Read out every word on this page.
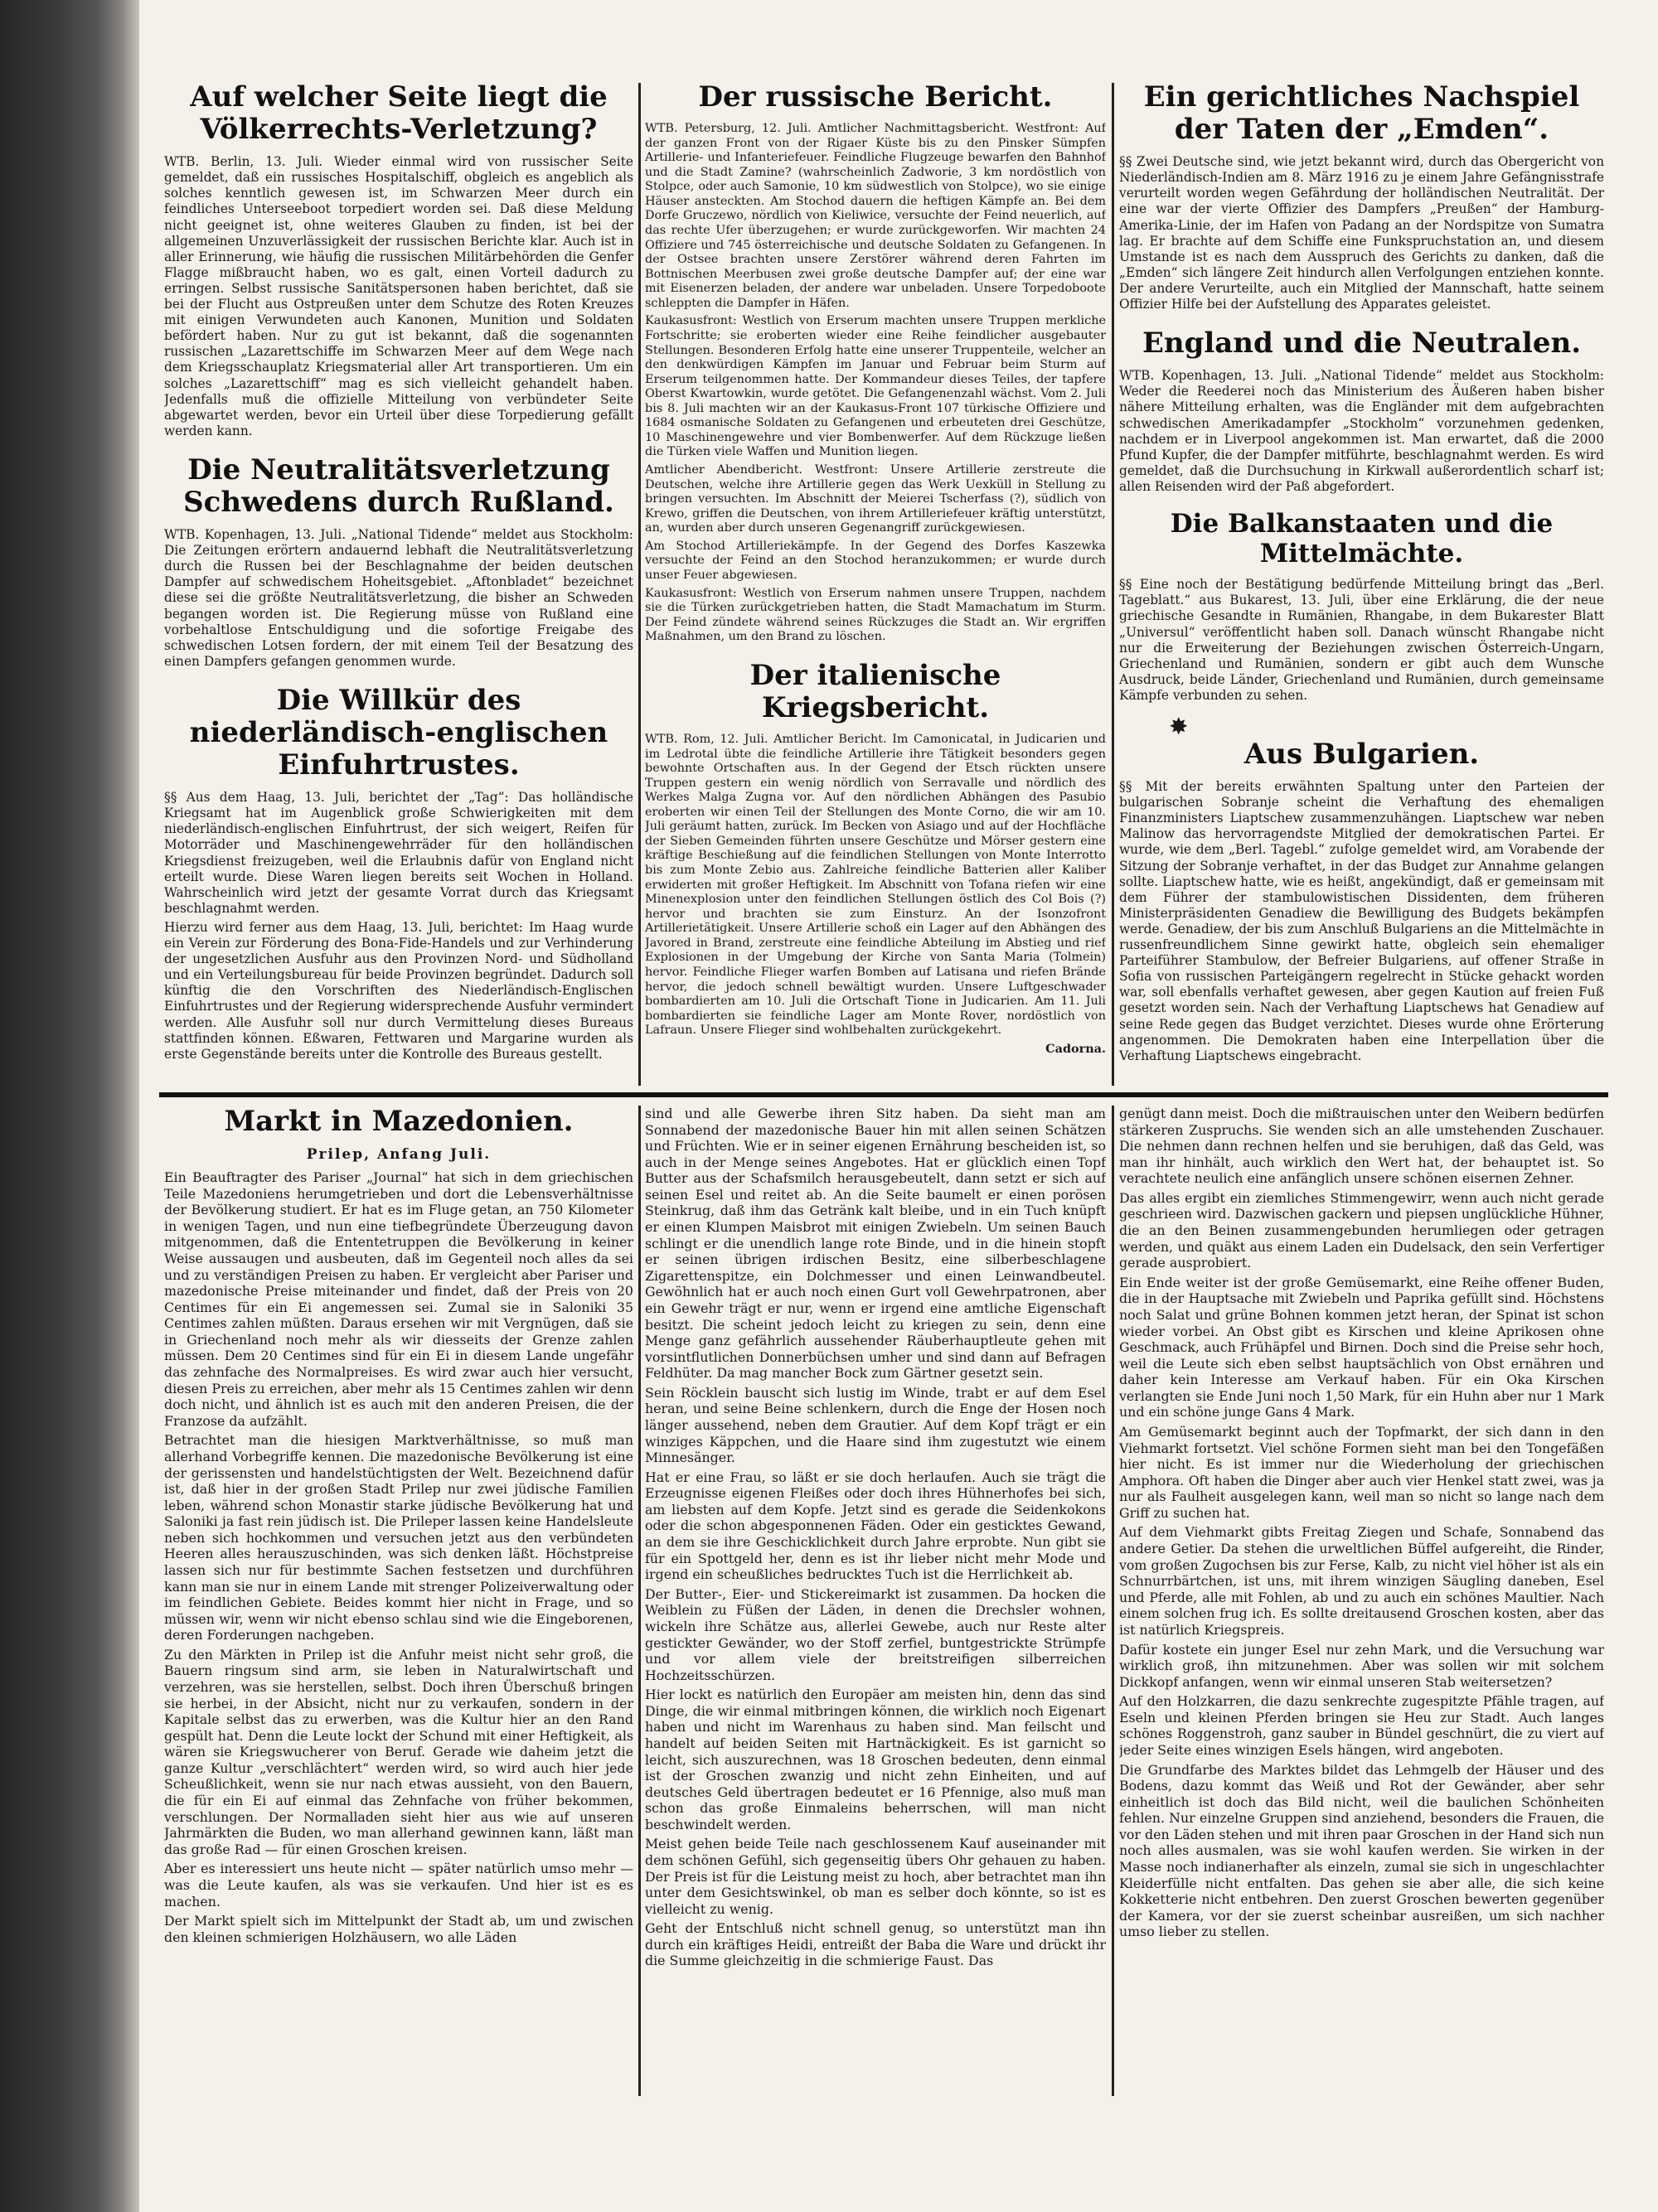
Auf welcher Seite liegt die Völkerrechts-Verletzung?

WTB. Berlin, 13. Juli. Wieder einmal wird von russischer Seite gemeldet, daß ein russisches Hospitalschiff, obgleich es angeblich als solches kenntlich gewesen ist, im Schwarzen Meer durch ein feindliches Unterseeboot torpediert worden sei. Daß diese Meldung nicht geeignet ist, ohne weiteres Glauben zu finden, ist bei der allgemeinen Unzuverlässigkeit der russischen Berichte klar. Auch ist in aller Erinnerung, wie häufig die russischen Militärbehörden die Genfer Flagge mißbraucht haben, wo es galt, einen Vorteil dadurch zu erringen. Selbst russische Sanitätspersonen haben berichtet, daß sie bei der Flucht aus Ostpreußen unter dem Schutze des Roten Kreuzes mit einigen Verwundeten auch Kanonen, Munition und Soldaten befördert haben. Nur zu gut ist bekannt, daß die sogenannten russischen „Lazarettschiffe im Schwarzen Meer auf dem Wege nach dem Kriegsschauplatz Kriegsmaterial aller Art transportieren. Um ein solches „Lazarettschiff“ mag es sich vielleicht gehandelt haben. Jedenfalls muß die offizielle Mitteilung von verbündeter Seite abgewartet werden, bevor ein Urteil über diese Torpedierung gefällt werden kann.

Die Neutralitätsverletzung Schwedens durch Rußland.

WTB. Kopenhagen, 13. Juli. „National Tidende“ meldet aus Stockholm: Die Zeitungen erörtern andauernd lebhaft die Neutralitätsverletzung durch die Russen bei der Beschlagnahme der beiden deutschen Dampfer auf schwedischem Hoheitsgebiet. „Aftonbladet“ bezeichnet diese sei die größte Neutralitätsverletzung, die bisher an Schweden begangen worden ist. Die Regierung müsse von Rußland eine vorbehaltlose Entschuldigung und die sofortige Freigabe des schwedischen Lotsen fordern, der mit einem Teil der Besatzung des einen Dampfers gefangen genommen wurde.

Die Willkür des niederländisch-englischen Einfuhrtrustes.

§§ Aus dem Haag, 13. Juli, berichtet der „Tag“: Das holländische Kriegsamt hat im Augenblick große Schwierigkeiten mit dem niederländisch-englischen Einfuhrtrust, der sich weigert, Reifen für Motorräder und Maschinengewehrräder für den holländischen Kriegsdienst freizugeben, weil die Erlaubnis dafür von England nicht erteilt wurde. Diese Waren liegen bereits seit Wochen in Holland. Wahrscheinlich wird jetzt der gesamte Vorrat durch das Kriegsamt beschlagnahmt werden.

Hierzu wird ferner aus dem Haag, 13. Juli, berichtet: Im Haag wurde ein Verein zur Förderung des Bona-Fide-Handels und zur Verhinderung der ungesetzlichen Ausfuhr aus den Provinzen Nord- und Südholland und ein Verteilungsbureau für beide Provinzen begründet. Dadurch soll künftig die den Vorschriften des Niederländisch-Englischen Einfuhrtrustes und der Regierung widersprechende Ausfuhr vermindert werden. Alle Ausfuhr soll nur durch Vermittelung dieses Bureaus stattfinden können. Eßwaren, Fettwaren und Margarine wurden als erste Gegenstände bereits unter die Kontrolle des Bureaus gestellt.

Der russische Bericht.

WTB. Petersburg, 12. Juli. Amtlicher Nachmittagsbericht. Westfront: Auf der ganzen Front von der Rigaer Küste bis zu den Pinsker Sümpfen Artillerie- und Infanteriefeuer. Feindliche Flugzeuge bewarfen den Bahnhof und die Stadt Zamine? (wahrscheinlich Zadworie, 3 km nordöstlich von Stolpce, oder auch Samonie, 10 km südwestlich von Stolpce), wo sie einige Häuser ansteckten. Am Stochod dauern die heftigen Kämpfe an. Bei dem Dorfe Gruczewo, nördlich von Kieliwice, versuchte der Feind neuerlich, auf das rechte Ufer überzugehen; er wurde zurückgeworfen. Wir machten 24 Offiziere und 745 österreichische und deutsche Soldaten zu Gefangenen. In der Ostsee brachten unsere Zerstörer während deren Fahrten im Bottnischen Meerbusen zwei große deutsche Dampfer auf; der eine war mit Eisenerzen beladen, der andere war unbeladen. Unsere Torpedoboote schleppten die Dampfer in Häfen.

Kaukasusfront: Westlich von Erserum machten unsere Truppen merkliche Fortschritte; sie eroberten wieder eine Reihe feindlicher ausgebauter Stellungen. Besonderen Erfolg hatte eine unserer Truppenteile, welcher an den denkwürdigen Kämpfen im Januar und Februar beim Sturm auf Erserum teilgenommen hatte. Der Kommandeur dieses Teiles, der tapfere Oberst Kwartowkin, wurde getötet. Die Gefangenenzahl wächst. Vom 2. Juli bis 8. Juli machten wir an der Kaukasus-Front 107 türkische Offiziere und 1684 osmanische Soldaten zu Gefangenen und erbeuteten drei Geschütze, 10 Maschinengewehre und vier Bombenwerfer. Auf dem Rückzuge ließen die Türken viele Waffen und Munition liegen.

Amtlicher Abendbericht. Westfront: Unsere Artillerie zerstreute die Deutschen, welche ihre Artillerie gegen das Werk Uexküll in Stellung zu bringen versuchten. Im Abschnitt der Meierei Tscherfass (?), südlich von Krewo, griffen die Deutschen, von ihrem Artilleriefeuer kräftig unterstützt, an, wurden aber durch unseren Gegenangriff zurückgewiesen.

Am Stochod Artilleriekämpfe. In der Gegend des Dorfes Kaszewka versuchte der Feind an den Stochod heranzukommen; er wurde durch unser Feuer abgewiesen.

Kaukasusfront: Westlich von Erserum nahmen unsere Truppen, nachdem sie die Türken zurückgetrieben hatten, die Stadt Mamachatum im Sturm. Der Feind zündete während seines Rückzuges die Stadt an. Wir ergriffen Maßnahmen, um den Brand zu löschen.

Der italienische Kriegsbericht.

WTB. Rom, 12. Juli. Amtlicher Bericht. Im Camonicatal, in Judicarien und im Ledrotal übte die feindliche Artillerie ihre Tätigkeit besonders gegen bewohnte Ortschaften aus. In der Gegend der Etsch rückten unsere Truppen gestern ein wenig nördlich von Serravalle und nördlich des Werkes Malga Zugna vor. Auf den nördlichen Abhängen des Pasubio eroberten wir einen Teil der Stellungen des Monte Corno, die wir am 10. Juli geräumt hatten, zurück. Im Becken von Asiago und auf der Hochfläche der Sieben Gemeinden führten unsere Geschütze und Mörser gestern eine kräftige Beschießung auf die feindlichen Stellungen von Monte Interrotto bis zum Monte Zebio aus. Zahlreiche feindliche Batterien aller Kaliber erwiderten mit großer Heftigkeit. Im Abschnitt von Tofana riefen wir eine Minenexplosion unter den feindlichen Stellungen östlich des Col Bois (?) hervor und brachten sie zum Einsturz. An der Isonzofront Artillerietätigkeit. Unsere Artillerie schoß ein Lager auf den Abhängen des Javored in Brand, zerstreute eine feindliche Abteilung im Abstieg und rief Explosionen in der Umgebung der Kirche von Santa Maria (Tolmein) hervor. Feindliche Flieger warfen Bomben auf Latisana und riefen Brände hervor, die jedoch schnell bewältigt wurden. Unsere Luftgeschwader bombardierten am 10. Juli die Ortschaft Tione in Judicarien. Am 11. Juli bombardierten sie feindliche Lager am Monte Rover, nordöstlich von Lafraun. Unsere Flieger sind wohlbehalten zurückgekehrt.

Cadorna.

Ein gerichtliches Nachspiel der Taten der „Emden“.

§§ Zwei Deutsche sind, wie jetzt bekannt wird, durch das Obergericht von Niederländisch-Indien am 8. März 1916 zu je einem Jahre Gefängnisstrafe verurteilt worden wegen Gefährdung der holländischen Neutralität. Der eine war der vierte Offizier des Dampfers „Preußen“ der Hamburg-Amerika-Linie, der im Hafen von Padang an der Nordspitze von Sumatra lag. Er brachte auf dem Schiffe eine Funkspruchstation an, und diesem Umstande ist es nach dem Ausspruch des Gerichts zu danken, daß die „Emden“ sich längere Zeit hindurch allen Verfolgungen entziehen konnte. Der andere Verurteilte, auch ein Mitglied der Mannschaft, hatte seinem Offizier Hilfe bei der Aufstellung des Apparates geleistet.

England und die Neutralen.

WTB. Kopenhagen, 13. Juli. „National Tidende“ meldet aus Stockholm: Weder die Reederei noch das Ministerium des Äußeren haben bisher nähere Mitteilung erhalten, was die Engländer mit dem aufgebrachten schwedischen Amerikadampfer „Stockholm“ vorzunehmen gedenken, nachdem er in Liverpool angekommen ist. Man erwartet, daß die 2000 Pfund Kupfer, die der Dampfer mitführte, beschlagnahmt werden. Es wird gemeldet, daß die Durchsuchung in Kirkwall außerordentlich scharf ist; allen Reisenden wird der Paß abgefordert.

Die Balkanstaaten und die Mittelmächte.

§§ Eine noch der Bestätigung bedürfende Mitteilung bringt das „Berl. Tageblatt.“ aus Bukarest, 13. Juli, über eine Erklärung, die der neue griechische Gesandte in Rumänien, Rhangabe, in dem Bukarester Blatt „Universul“ veröffentlicht haben soll. Danach wünscht Rhangabe nicht nur die Erweiterung der Beziehungen zwischen Österreich-Ungarn, Griechenland und Rumänien, sondern er gibt auch dem Wunsche Ausdruck, beide Länder, Griechenland und Rumänien, durch gemeinsame Kämpfe verbunden zu sehen.

✸
Aus Bulgarien.

§§ Mit der bereits erwähnten Spaltung unter den Parteien der bulgarischen Sobranje scheint die Verhaftung des ehemaligen Finanzministers Liaptschew zusammenzuhängen. Liaptschew war neben Malinow das hervorragendste Mitglied der demokratischen Partei. Er wurde, wie dem „Berl. Tagebl.“ zufolge gemeldet wird, am Vorabende der Sitzung der Sobranje verhaftet, in der das Budget zur Annahme gelangen sollte. Liaptschew hatte, wie es heißt, angekündigt, daß er gemeinsam mit dem Führer der stambulowistischen Dissidenten, dem früheren Ministerpräsidenten Genadiew die Bewilligung des Budgets bekämpfen werde. Genadiew, der bis zum Anschluß Bulgariens an die Mittelmächte in russenfreundlichem Sinne gewirkt hatte, obgleich sein ehemaliger Parteiführer Stambulow, der Befreier Bulgariens, auf offener Straße in Sofia von russischen Parteigängern regelrecht in Stücke gehackt worden war, soll ebenfalls verhaftet gewesen, aber gegen Kaution auf freien Fuß gesetzt worden sein. Nach der Verhaftung Liaptschews hat Genadiew auf seine Rede gegen das Budget verzichtet. Dieses wurde ohne Erörterung angenommen. Die Demokraten haben eine Interpellation über die Verhaftung Liaptschews eingebracht.

Markt in Mazedonien.
Prilep, Anfang Juli.

Ein Beauftragter des Pariser „Journal“ hat sich in dem griechischen Teile Mazedoniens herumgetrieben und dort die Lebensverhältnisse der Bevölkerung studiert. Er hat es im Fluge getan, an 750 Kilometer in wenigen Tagen, und nun eine tiefbegründete Überzeugung davon mitgenommen, daß die Ententetruppen die Bevölkerung in keiner Weise aussaugen und ausbeuten, daß im Gegenteil noch alles da sei und zu verständigen Preisen zu haben. Er vergleicht aber Pariser und mazedonische Preise miteinander und findet, daß der Preis von 20 Centimes für ein Ei angemessen sei. Zumal sie in Saloniki 35 Centimes zahlen müßten. Daraus ersehen wir mit Vergnügen, daß sie in Griechenland noch mehr als wir diesseits der Grenze zahlen müssen. Dem 20 Centimes sind für ein Ei in diesem Lande ungefähr das zehnfache des Normalpreises. Es wird zwar auch hier versucht, diesen Preis zu erreichen, aber mehr als 15 Centimes zahlen wir denn doch nicht, und ähnlich ist es auch mit den anderen Preisen, die der Franzose da aufzählt.

Betrachtet man die hiesigen Marktverhältnisse, so muß man allerhand Vorbegriffe kennen. Die mazedonische Bevölkerung ist eine der gerissensten und handelstüchtigsten der Welt. Bezeichnend dafür ist, daß hier in der großen Stadt Prilep nur zwei jüdische Familien leben, während schon Monastir starke jüdische Bevölkerung hat und Saloniki ja fast rein jüdisch ist. Die Prileper lassen keine Handelsleute neben sich hochkommen und versuchen jetzt aus den verbündeten Heeren alles herauszuschinden, was sich denken läßt. Höchstpreise lassen sich nur für bestimmte Sachen festsetzen und durchführen kann man sie nur in einem Lande mit strenger Polizeiverwaltung oder im feindlichen Gebiete. Beides kommt hier nicht in Frage, und so müssen wir, wenn wir nicht ebenso schlau sind wie die Eingeborenen, deren Forderungen nachgeben.

Zu den Märkten in Prilep ist die Anfuhr meist nicht sehr groß, die Bauern ringsum sind arm, sie leben in Naturalwirtschaft und verzehren, was sie herstellen, selbst. Doch ihren Überschuß bringen sie herbei, in der Absicht, nicht nur zu verkaufen, sondern in der Kapitale selbst das zu erwerben, was die Kultur hier an den Rand gespült hat. Denn die Leute lockt der Schund mit einer Heftigkeit, als wären sie Kriegswucherer von Beruf. Gerade wie daheim jetzt die ganze Kultur „verschlächtert“ werden wird, so wird auch hier jede Scheußlichkeit, wenn sie nur nach etwas aussieht, von den Bauern, die für ein Ei auf einmal das Zehnfache von früher bekommen, verschlungen. Der Normalladen sieht hier aus wie auf unseren Jahrmärkten die Buden, wo man allerhand gewinnen kann, läßt man das große Rad — für einen Groschen kreisen.

Aber es interessiert uns heute nicht — später natürlich umso mehr — was die Leute kaufen, als was sie verkaufen. Und hier ist es es machen.

Der Markt spielt sich im Mittelpunkt der Stadt ab, um und zwischen den kleinen schmierigen Holzhäusern, wo alle Läden

sind und alle Gewerbe ihren Sitz haben. Da sieht man am Sonnabend der mazedonische Bauer hin mit allen seinen Schätzen und Früchten. Wie er in seiner eigenen Ernährung bescheiden ist, so auch in der Menge seines Angebotes. Hat er glücklich einen Topf Butter aus der Schafsmilch herausgebeutelt, dann setzt er sich auf seinen Esel und reitet ab. An die Seite baumelt er einen porösen Steinkrug, daß ihm das Getränk kalt bleibe, und in ein Tuch knüpft er einen Klumpen Maisbrot mit einigen Zwiebeln. Um seinen Bauch schlingt er die unendlich lange rote Binde, und in die hinein stopft er seinen übrigen irdischen Besitz, eine silberbeschlagene Zigarettenspitze, ein Dolchmesser und einen Leinwandbeutel. Gewöhnlich hat er auch noch einen Gurt voll Gewehrpatronen, aber ein Gewehr trägt er nur, wenn er irgend eine amtliche Eigenschaft besitzt. Die scheint jedoch leicht zu kriegen zu sein, denn eine Menge ganz gefährlich aussehender Räuberhauptleute gehen mit vorsintflutlichen Donnerbüchsen umher und sind dann auf Befragen Feldhüter. Da mag mancher Bock zum Gärtner gesetzt sein.

Sein Röcklein bauscht sich lustig im Winde, trabt er auf dem Esel heran, und seine Beine schlenkern, durch die Enge der Hosen noch länger aussehend, neben dem Grautier. Auf dem Kopf trägt er ein winziges Käppchen, und die Haare sind ihm zugestutzt wie einem Minnesänger.

Hat er eine Frau, so läßt er sie doch herlaufen. Auch sie trägt die Erzeugnisse eigenen Fleißes oder doch ihres Hühnerhofes bei sich, am liebsten auf dem Kopfe. Jetzt sind es gerade die Seidenkokons oder die schon abgesponnenen Fäden. Oder ein gesticktes Gewand, an dem sie ihre Geschicklichkeit durch Jahre erprobte. Nun gibt sie für ein Spottgeld her, denn es ist ihr lieber nicht mehr Mode und irgend ein scheußliches bedrucktes Tuch ist die Herrlichkeit ab.

Der Butter-, Eier- und Stickereimarkt ist zusammen. Da hocken die Weiblein zu Füßen der Läden, in denen die Drechsler wohnen, wickeln ihre Schätze aus, allerlei Gewebe, auch nur Reste alter gestickter Gewänder, wo der Stoff zerfiel, buntgestrickte Strümpfe und vor allem viele der breitstreifigen silberreichen Hochzeitsschürzen.

Hier lockt es natürlich den Europäer am meisten hin, denn das sind Dinge, die wir einmal mitbringen können, die wirklich noch Eigenart haben und nicht im Warenhaus zu haben sind. Man feilscht und handelt auf beiden Seiten mit Hartnäckigkeit. Es ist garnicht so leicht, sich auszurechnen, was 18 Groschen bedeuten, denn einmal ist der Groschen zwanzig und nicht zehn Einheiten, und auf deutsches Geld übertragen bedeutet er 16 Pfennige, also muß man schon das große Einmaleins beherrschen, will man nicht beschwindelt werden.

Meist gehen beide Teile nach geschlossenem Kauf auseinander mit dem schönen Gefühl, sich gegenseitig übers Ohr gehauen zu haben. Der Preis ist für die Leistung meist zu hoch, aber betrachtet man ihn unter dem Gesichtswinkel, ob man es selber doch könnte, so ist es vielleicht zu wenig.

Geht der Entschluß nicht schnell genug, so unterstützt man ihn durch ein kräftiges Heidi, entreißt der Baba die Ware und drückt ihr die Summe gleichzeitig in die schmierige Faust. Das

genügt dann meist. Doch die mißtrauischen unter den Weibern bedürfen stärkeren Zuspruchs. Sie wenden sich an alle umstehenden Zuschauer. Die nehmen dann rechnen helfen und sie beruhigen, daß das Geld, was man ihr hinhält, auch wirklich den Wert hat, der behauptet ist. So verachtete neulich eine anfänglich unsere schönen eisernen Zehner.

Das alles ergibt ein ziemliches Stimmengewirr, wenn auch nicht gerade geschrieen wird. Dazwischen gackern und piepsen unglückliche Hühner, die an den Beinen zusammengebunden herumliegen oder getragen werden, und quäkt aus einem Laden ein Dudelsack, den sein Verfertiger gerade ausprobiert.

Ein Ende weiter ist der große Gemüsemarkt, eine Reihe offener Buden, die in der Hauptsache mit Zwiebeln und Paprika gefüllt sind. Höchstens noch Salat und grüne Bohnen kommen jetzt heran, der Spinat ist schon wieder vorbei. An Obst gibt es Kirschen und kleine Aprikosen ohne Geschmack, auch Frühäpfel und Birnen. Doch sind die Preise sehr hoch, weil die Leute sich eben selbst hauptsächlich von Obst ernähren und daher kein Interesse am Verkauf haben. Für ein Oka Kirschen verlangten sie Ende Juni noch 1,50 Mark, für ein Huhn aber nur 1 Mark und ein schöne junge Gans 4 Mark.

Am Gemüsemarkt beginnt auch der Topfmarkt, der sich dann in den Viehmarkt fortsetzt. Viel schöne Formen sieht man bei den Tongefäßen hier nicht. Es ist immer nur die Wiederholung der griechischen Amphora. Oft haben die Dinger aber auch vier Henkel statt zwei, was ja nur als Faulheit ausgelegen kann, weil man so nicht so lange nach dem Griff zu suchen hat.

Auf dem Viehmarkt gibts Freitag Ziegen und Schafe, Sonnabend das andere Getier. Da stehen die urweltlichen Büffel aufgereiht, die Rinder, vom großen Zugochsen bis zur Ferse, Kalb, zu nicht viel höher ist als ein Schnurrbärtchen, ist uns, mit ihrem winzigen Säugling daneben, Esel und Pferde, alle mit Fohlen, ab und zu auch ein schönes Maultier. Nach einem solchen frug ich. Es sollte dreitausend Groschen kosten, aber das ist natürlich Kriegspreis.

Dafür kostete ein junger Esel nur zehn Mark, und die Versuchung war wirklich groß, ihn mitzunehmen. Aber was sollen wir mit solchem Dickkopf anfangen, wenn wir einmal unseren Stab weitersetzen?

Auf den Holzkarren, die dazu senkrechte zugespitzte Pfähle tragen, auf Eseln und kleinen Pferden bringen sie Heu zur Stadt. Auch langes schönes Roggenstroh, ganz sauber in Bündel geschnürt, die zu viert auf jeder Seite eines winzigen Esels hängen, wird angeboten.

Die Grundfarbe des Marktes bildet das Lehmgelb der Häuser und des Bodens, dazu kommt das Weiß und Rot der Gewänder, aber sehr einheitlich ist doch das Bild nicht, weil die baulichen Schönheiten fehlen. Nur einzelne Gruppen sind anziehend, besonders die Frauen, die vor den Läden stehen und mit ihren paar Groschen in der Hand sich nun noch alles ausmalen, was sie wohl kaufen werden. Sie wirken in der Masse noch indianerhafter als einzeln, zumal sie sich in ungeschlachter Kleiderfülle nicht entfalten. Das gehen sie aber alle, die sich keine Kokketterie nicht entbehren. Den zuerst Groschen bewerten gegenüber der Kamera, vor der sie zuerst scheinbar ausreißen, um sich nachher umso lieber zu stellen.
